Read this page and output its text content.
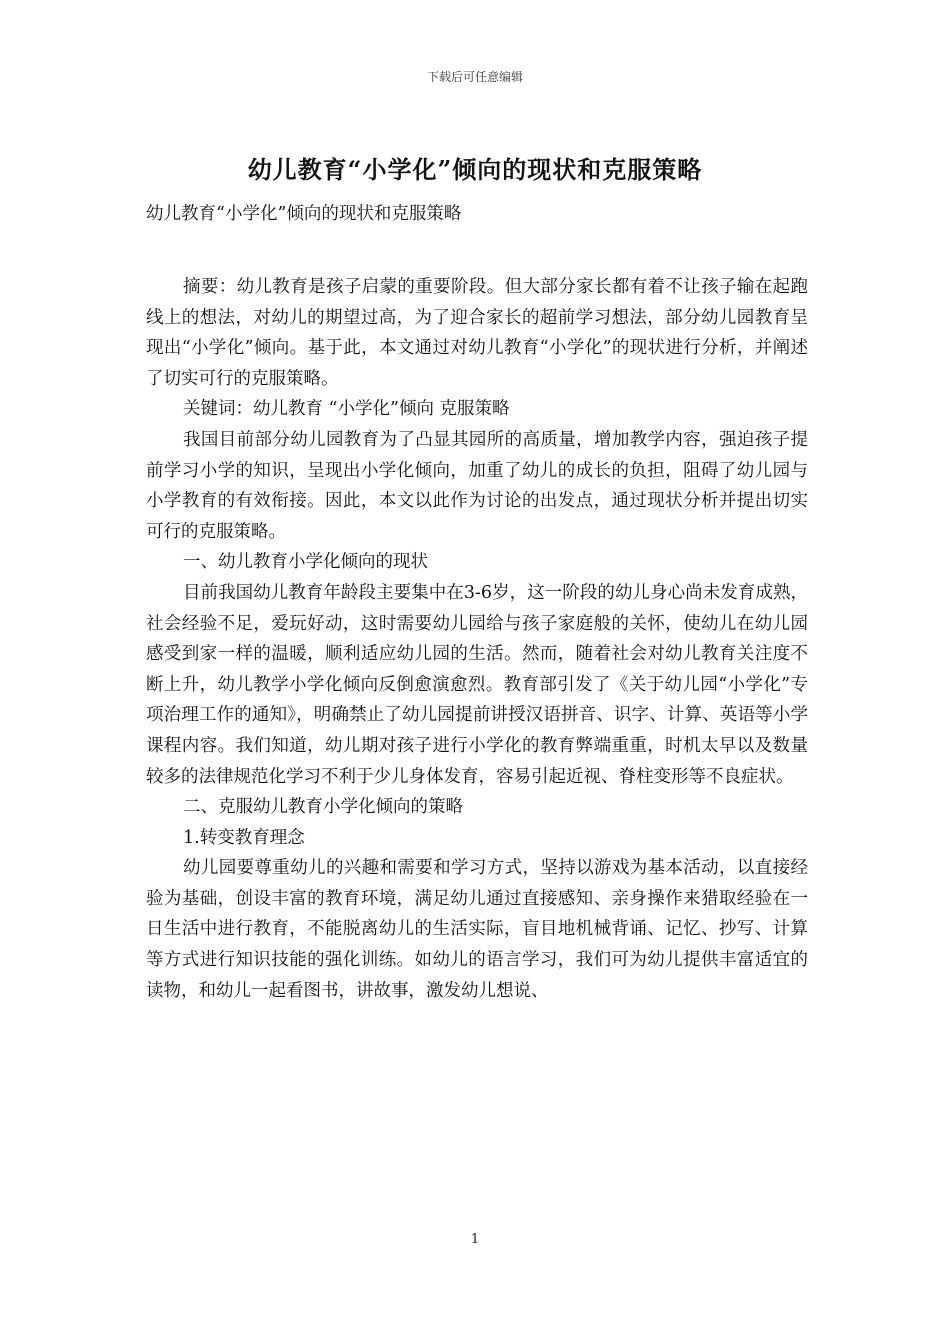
下载后可任意编辑
幼儿教育“小学化”倾向的现状和克服策略

幼儿教育“小学化”倾向的现状和克服策略

摘要：幼儿教育是孩子启蒙的重要阶段。但大部分家长都有着不让孩子输在起跑线上的想法，对幼儿的期望过高，为了迎合家长的超前学习想法，部分幼儿园教育呈现出“小学化”倾向。基于此，本文通过对幼儿教育“小学化”的现状进行分析，并阐述了切实可行的克服策略。

关键词：幼儿教育 “小学化”倾向 克服策略

我国目前部分幼儿园教育为了凸显其园所的高质量，增加教学内容，强迫孩子提前学习小学的知识，呈现出小学化倾向，加重了幼儿的成长的负担，阻碍了幼儿园与小学教育的有效衔接。因此，本文以此作为讨论的出发点，通过现状分析并提出切实可行的克服策略。

一、幼儿教育小学化倾向的现状

目前我国幼儿教育年龄段主要集中在3-6岁，这一阶段的幼儿身心尚未发育成熟，社会经验不足，爱玩好动，这时需要幼儿园给与孩子家庭般的关怀，使幼儿在幼儿园感受到家一样的温暖，顺利适应幼儿园的生活。然而，随着社会对幼儿教育关注度不断上升，幼儿教学小学化倾向反倒愈演愈烈。教育部引发了《关于幼儿园“小学化”专项治理工作的通知》，明确禁止了幼儿园提前讲授汉语拼音、识字、计算、英语等小学课程内容。我们知道，幼儿期对孩子进行小学化的教育弊端重重，时机太早以及数量较多的法律规范化学习不利于少儿身体发育，容易引起近视、脊柱变形等不良症状。

二、克服幼儿教育小学化倾向的策略

1.转变教育理念

幼儿园要尊重幼儿的兴趣和需要和学习方式，坚持以游戏为基本活动，以直接经验为基础，创设丰富的教育环境，满足幼儿通过直接感知、亲身操作来猎取经验在一日生活中进行教育，不能脱离幼儿的生活实际，盲目地机械背诵、记忆、抄写、计算等方式进行知识技能的强化训练。如幼儿的语言学习，我们可为幼儿提供丰富适宜的读物，和幼儿一起看图书，讲故事，激发幼儿想说、

1
